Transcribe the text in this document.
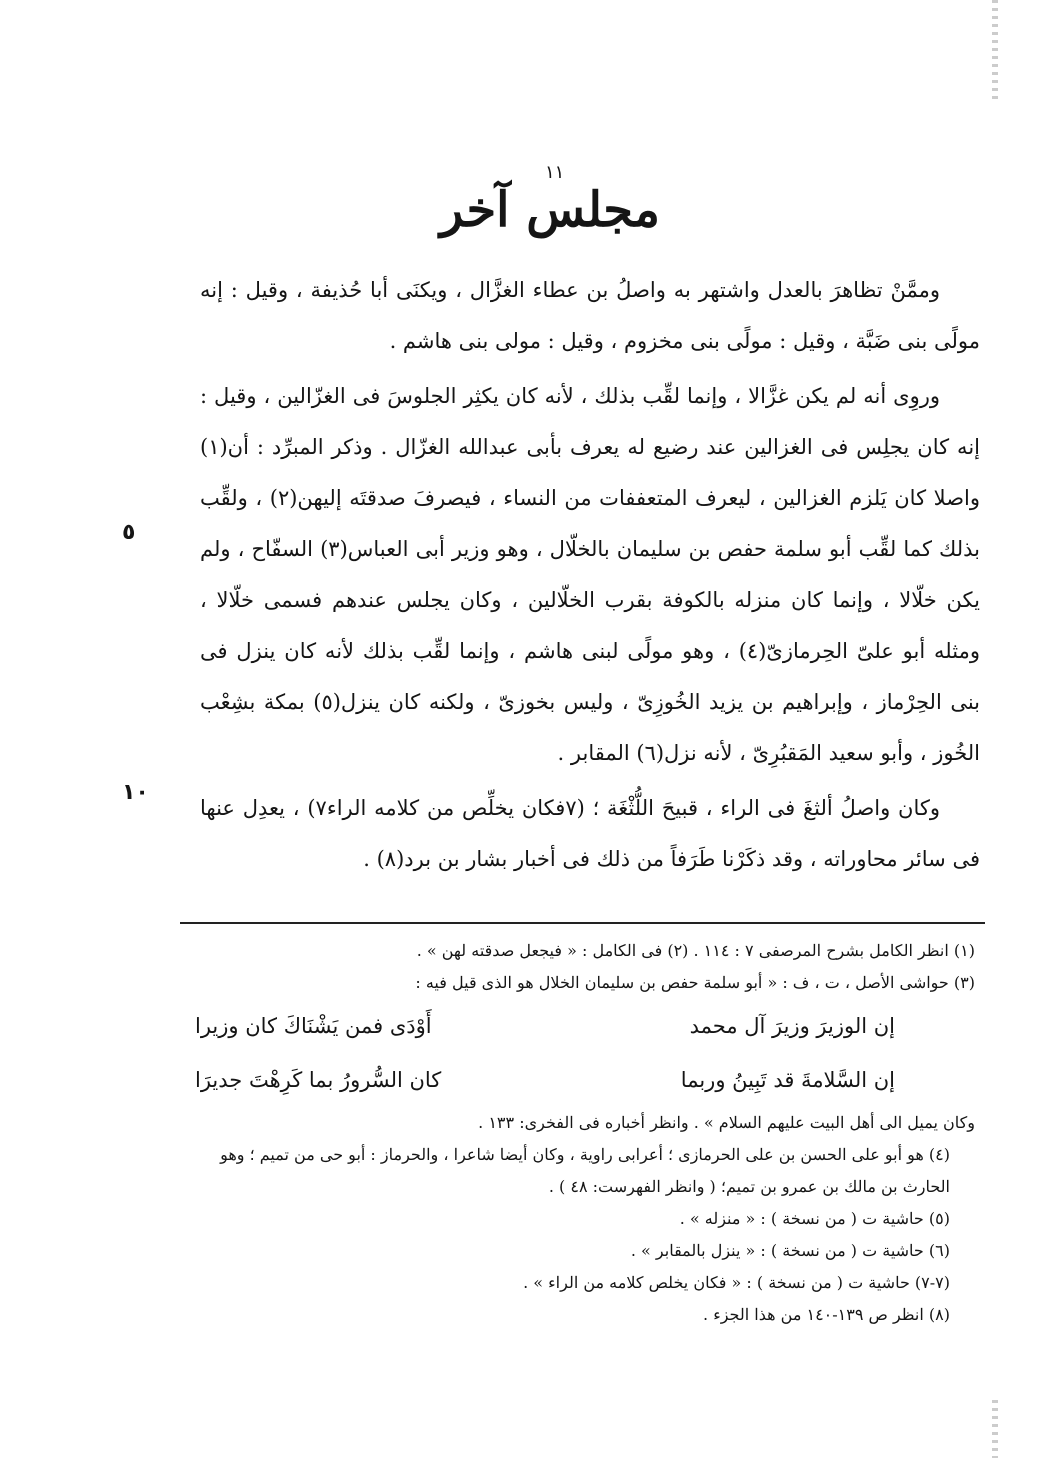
١١
مجلس آخر

وممَّنْ تظاهرَ بالعدل واشتهر به واصلُ بن عطاء الغزَّال ، ويكنَى أبا حُذيفة ، وقيل : إنه مولًى بنى ضَبَّة ، وقيل : مولًى بنى مخزوم ، وقيل : مولى بنى هاشم .

وروِى أنه لم يكن غزَّالا ، وإنما لقِّب بذلك ، لأنه كان يكثِر الجلوسَ فى الغزّالين ، وقيل : إنه كان يجلِس فى الغزالين عند رضيع له يعرف بأبى عبدالله الغزّال . وذكر المبرِّد : أن(١) واصلا كان يَلزم الغزالين ، ليعرف المتعففات من النساء ، فيصرفَ صدقتَه إليهن(٢) ، ولقِّب بذلك كما لقِّب أبو سلمة حفص بن سليمان بالخلّال ، وهو وزير أبى العباس(٣) السفّاح ، ولم يكن خلّالا ، وإنما كان منزله بالكوفة بقرب الخلّالين ، وكان يجلس عندهم فسمى خلّالا ، ومثله أبو علىّ الحِرمازىّ(٤) ، وهو مولًى لبنى هاشم ، وإنما لقِّب بذلك لأنه كان ينزل فى بنى الحِرْماز ، وإبراهيم بن يزيد الخُوزِىّ ، وليس بخوزىّ ، ولكنه كان ينزل(٥) بمكة بشِعْب الخُوز ، وأبو سعيد المَقبُرِىّ ، لأنه نزل(٦) المقابر .

وكان واصلُ ألثغَ فى الراء ، قبيحَ اللُّثْغَة ؛ (٧فكان يخلِّص من كلامه الراء٧) ، يعدِل عنها فى سائر محاوراته ، وقد ذكَرْنا طَرَفاً من ذلك فى أخبار بشار بن برد(٨) .

٥
١٠

(١) انظر الكامل بشرح المرصفى ٧ : ١١٤ . (٢) فى الكامل : « فيجعل صدقته لهن » .

(٣) حواشى الأصل ، ت ، ف : « أبو سلمة حفص بن سليمان الخلال هو الذى قيل فيه :

إن الوزيرَ وزيرَ آل محمد
أَوْدَى فمن يَشْنَاكَ كان وزيرا
إن السَّلامةَ قد تَبِينُ وربما
كان السُّرورُ بما كَرِهْتَ جديرَا

وكان يميل الى أهل البيت عليهم السلام » . وانظر أخباره فى الفخرى: ١٣٣ .

(٤) هو أبو على الحسن بن على الحرمازى ؛ أعرابى راوية ، وكان أيضا شاعرا ، والحرماز : أبو حى من تميم ؛ وهو الحارث بن مالك بن عمرو بن تميم؛ ( وانظر الفهرست: ٤٨ ) .

(٥) حاشية ت ( من نسخة ) : « منزله » .

(٦) حاشية ت ( من نسخة ) : « ينزل بالمقابر » .

(٧-٧) حاشية ت ( من نسخة ) : « فكان يخلص كلامه من الراء » .

(٨) انظر ص ١٣٩-١٤٠ من هذا الجزء .
